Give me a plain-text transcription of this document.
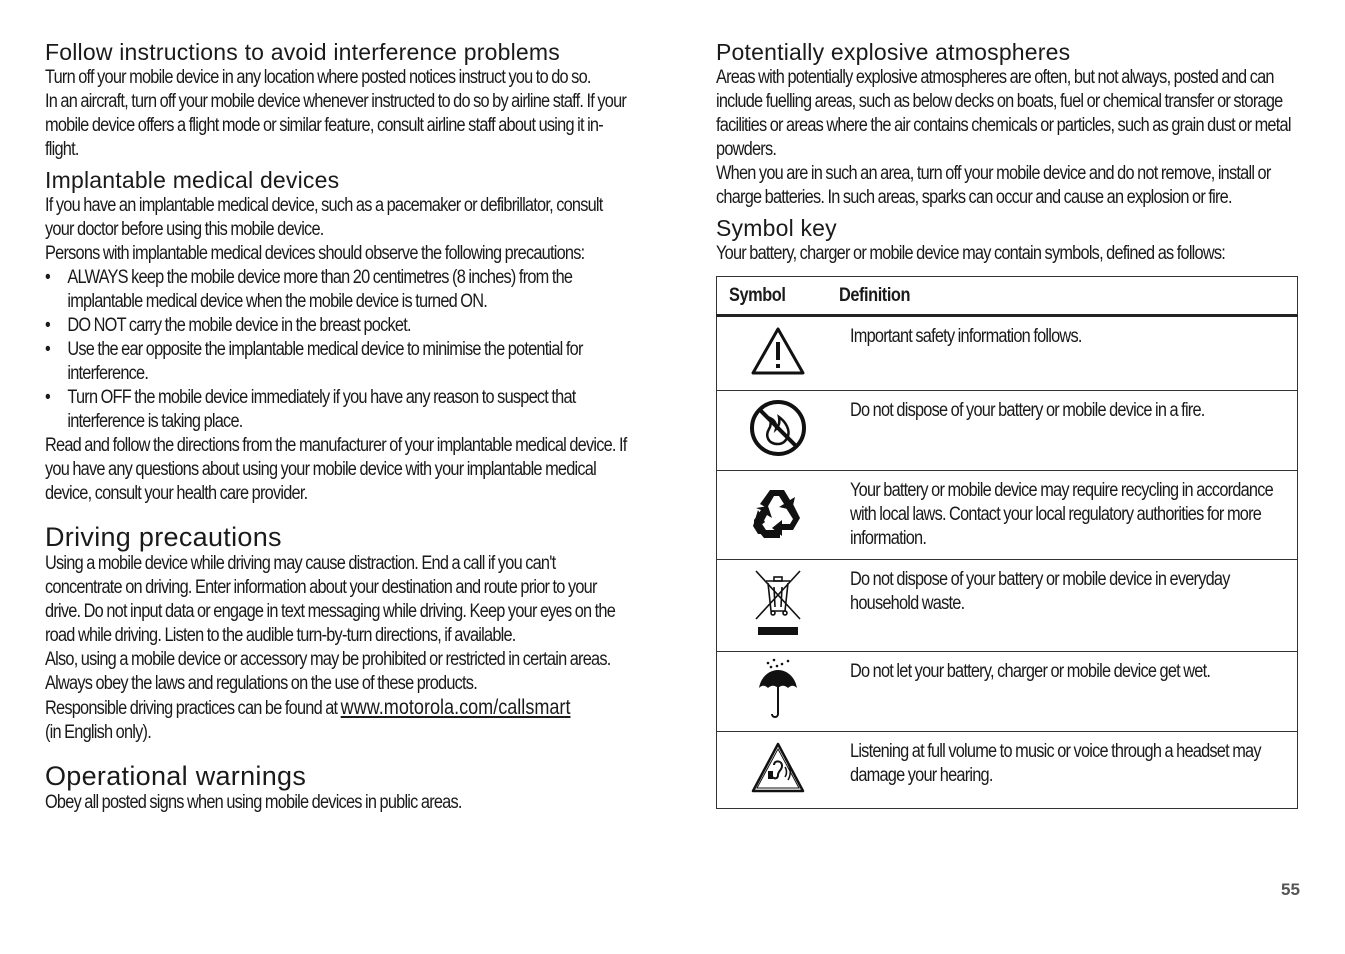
Follow instructions to avoid interference problems

Turn off your mobile device in any location where posted notices instruct you to do so.

In an aircraft, turn off your mobile device whenever instructed to do so by airline staff. If your mobile device offers a flight mode or similar feature, consult airline staff about using it in-flight.

Implantable medical devices

If you have an implantable medical device, such as a pacemaker or defibrillator, consult your doctor before using this mobile device.

Persons with implantable medical devices should observe the following precautions:

• ALWAYS keep the mobile device more than 20 centimetres (8 inches) from the implantable medical device when the mobile device is turned ON.
• DO NOT carry the mobile device in the breast pocket.
• Use the ear opposite the implantable medical device to minimise the potential for interference.
• Turn OFF the mobile device immediately if you have any reason to suspect that interference is taking place.

Read and follow the directions from the manufacturer of your implantable medical device. If you have any questions about using your mobile device with your implantable medical device, consult your health care provider.

Driving precautions

Using a mobile device while driving may cause distraction. End a call if you can't concentrate on driving. Enter information about your destination and route prior to your drive. Do not input data or engage in text messaging while driving. Keep your eyes on the road while driving. Listen to the audible turn-by-turn directions, if available.

Also, using a mobile device or accessory may be prohibited or restricted in certain areas. Always obey the laws and regulations on the use of these products.

Responsible driving practices can be found at www.motorola.com/callsmart
(in English only).

Operational warnings

Obey all posted signs when using mobile devices in public areas.

Potentially explosive atmospheres

Areas with potentially explosive atmospheres are often, but not always, posted and can include fuelling areas, such as below decks on boats, fuel or chemical transfer or storage facilities or areas where the air contains chemicals or particles, such as grain dust or metal powders.

When you are in such an area, turn off your mobile device and do not remove, install or charge batteries. In such areas, sparks can occur and cause an explosion or fire.

Symbol key

Your battery, charger or mobile device may contain symbols, defined as follows:

Symbol	Definition

Important safety information follows.

Do not dispose of your battery or mobile device in a fire.

Your battery or mobile device may require recycling in accordance with local laws. Contact your local regulatory authorities for more information.

Do not dispose of your battery or mobile device in everyday household waste.

Do not let your battery, charger or mobile device get wet.

Listening at full volume to music or voice through a headset may damage your hearing.
55
